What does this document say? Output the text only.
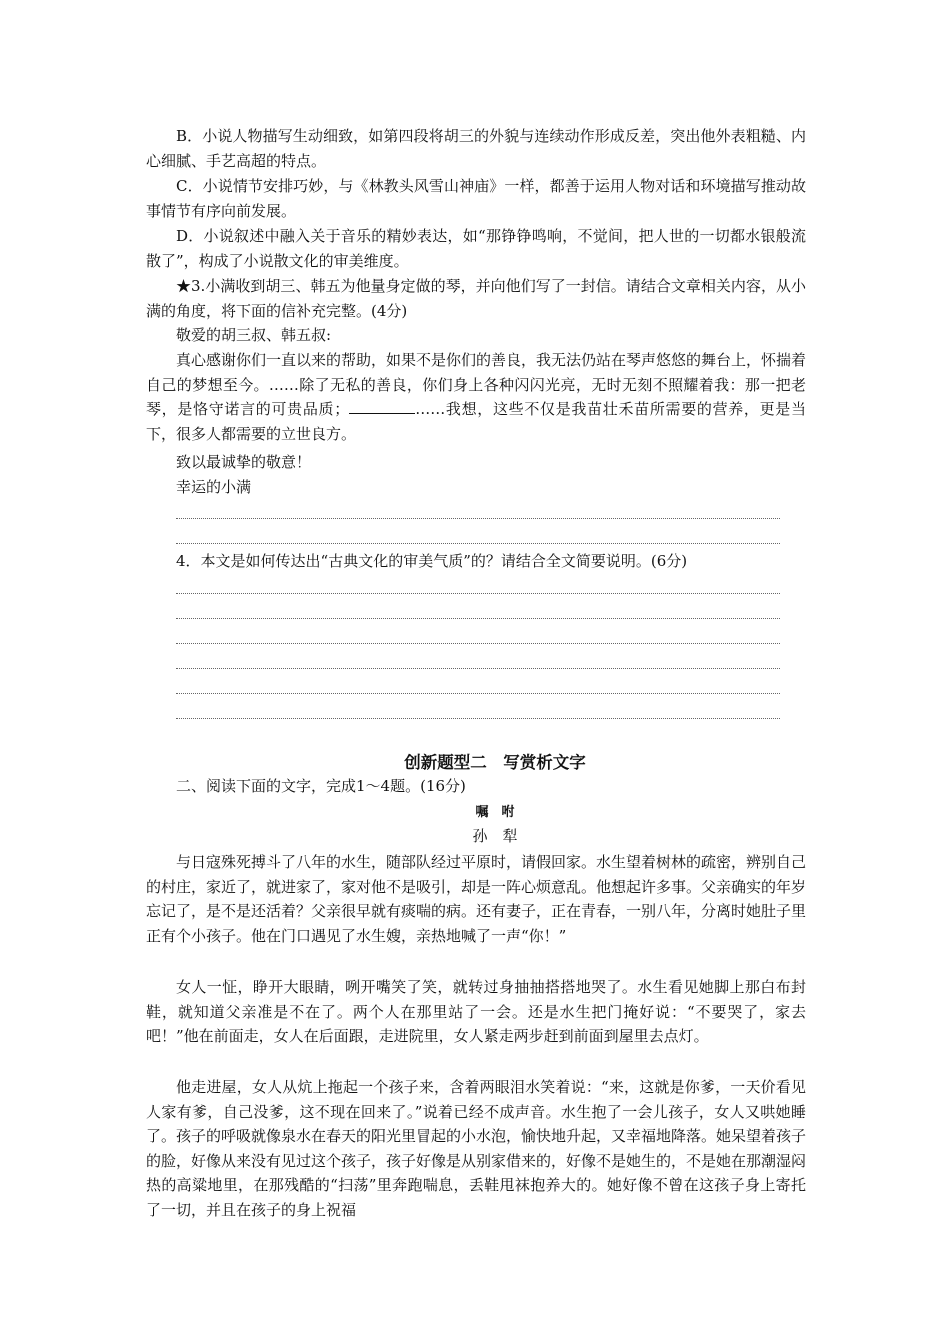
B．小说人物描写生动细致，如第四段将胡三的外貌与连续动作形成反差，突出他外表粗糙、内心细腻、手艺高超的特点。

C．小说情节安排巧妙，与《林教头风雪山神庙》一样，都善于运用人物对话和环境描写推动故事情节有序向前发展。

D．小说叙述中融入关于音乐的精妙表达，如“那铮铮鸣响，不觉间，把人世的一切都水银般流散了”，构成了小说散文化的审美维度。

★3.小满收到胡三、韩五为他量身定做的琴，并向他们写了一封信。请结合文章相关内容，从小满的角度，将下面的信补充完整。(4分)

敬爱的胡三叔、韩五叔:

真心感谢你们一直以来的帮助，如果不是你们的善良，我无法仍站在琴声悠悠的舞台上，怀揣着自己的梦想至今。……除了无私的善良，你们身上各种闪闪光亮，无时无刻不照耀着我：那一把老琴，是恪守诺言的可贵品质；	……我想，这些不仅是我苗壮禾苗所需要的营养，更是当下，很多人都需要的立世良方。

致以最诚挚的敬意！

幸运的小满

4．本文是如何传达出“古典文化的审美气质”的？请结合全文简要说明。(6分)

创新题型二　写赏析文字

二、阅读下面的文字，完成1～4题。(16分)

嘱　咐

孙　犁

与日寇殊死搏斗了八年的水生，随部队经过平原时，请假回家。水生望着树林的疏密，辨别自己的村庄，家近了，就进家了，家对他不是吸引，却是一阵心烦意乱。他想起许多事。父亲确实的年岁忘记了，是不是还活着？父亲很早就有痰喘的病。还有妻子，正在青春，一别八年，分离时她肚子里正有个小孩子。他在门口遇见了水生嫂，亲热地喊了一声“你！”

女人一怔，睁开大眼睛，咧开嘴笑了笑，就转过身抽抽搭搭地哭了。水生看见她脚上那白布封鞋，就知道父亲准是不在了。两个人在那里站了一会。还是水生把门掩好说：“不要哭了，家去吧！”他在前面走，女人在后面跟，走进院里，女人紧走两步赶到前面到屋里去点灯。

他走进屋，女人从炕上拖起一个孩子来，含着两眼泪水笑着说：“来，这就是你爹，一天价看见人家有爹，自己没爹，这不现在回来了。”说着已经不成声音。水生抱了一会儿孩子，女人又哄她睡了。孩子的呼吸就像泉水在春天的阳光里冒起的小水泡，愉快地升起，又幸福地降落。她呆望着孩子的脸，好像从来没有见过这个孩子，孩子好像是从别家借来的，好像不是她生的，不是她在那潮湿闷热的高粱地里，在那残酷的“扫荡”里奔跑喘息，丢鞋甩袜抱养大的。她好像不曾在这孩子身上寄托了一切，并且在孩子的身上祝福
